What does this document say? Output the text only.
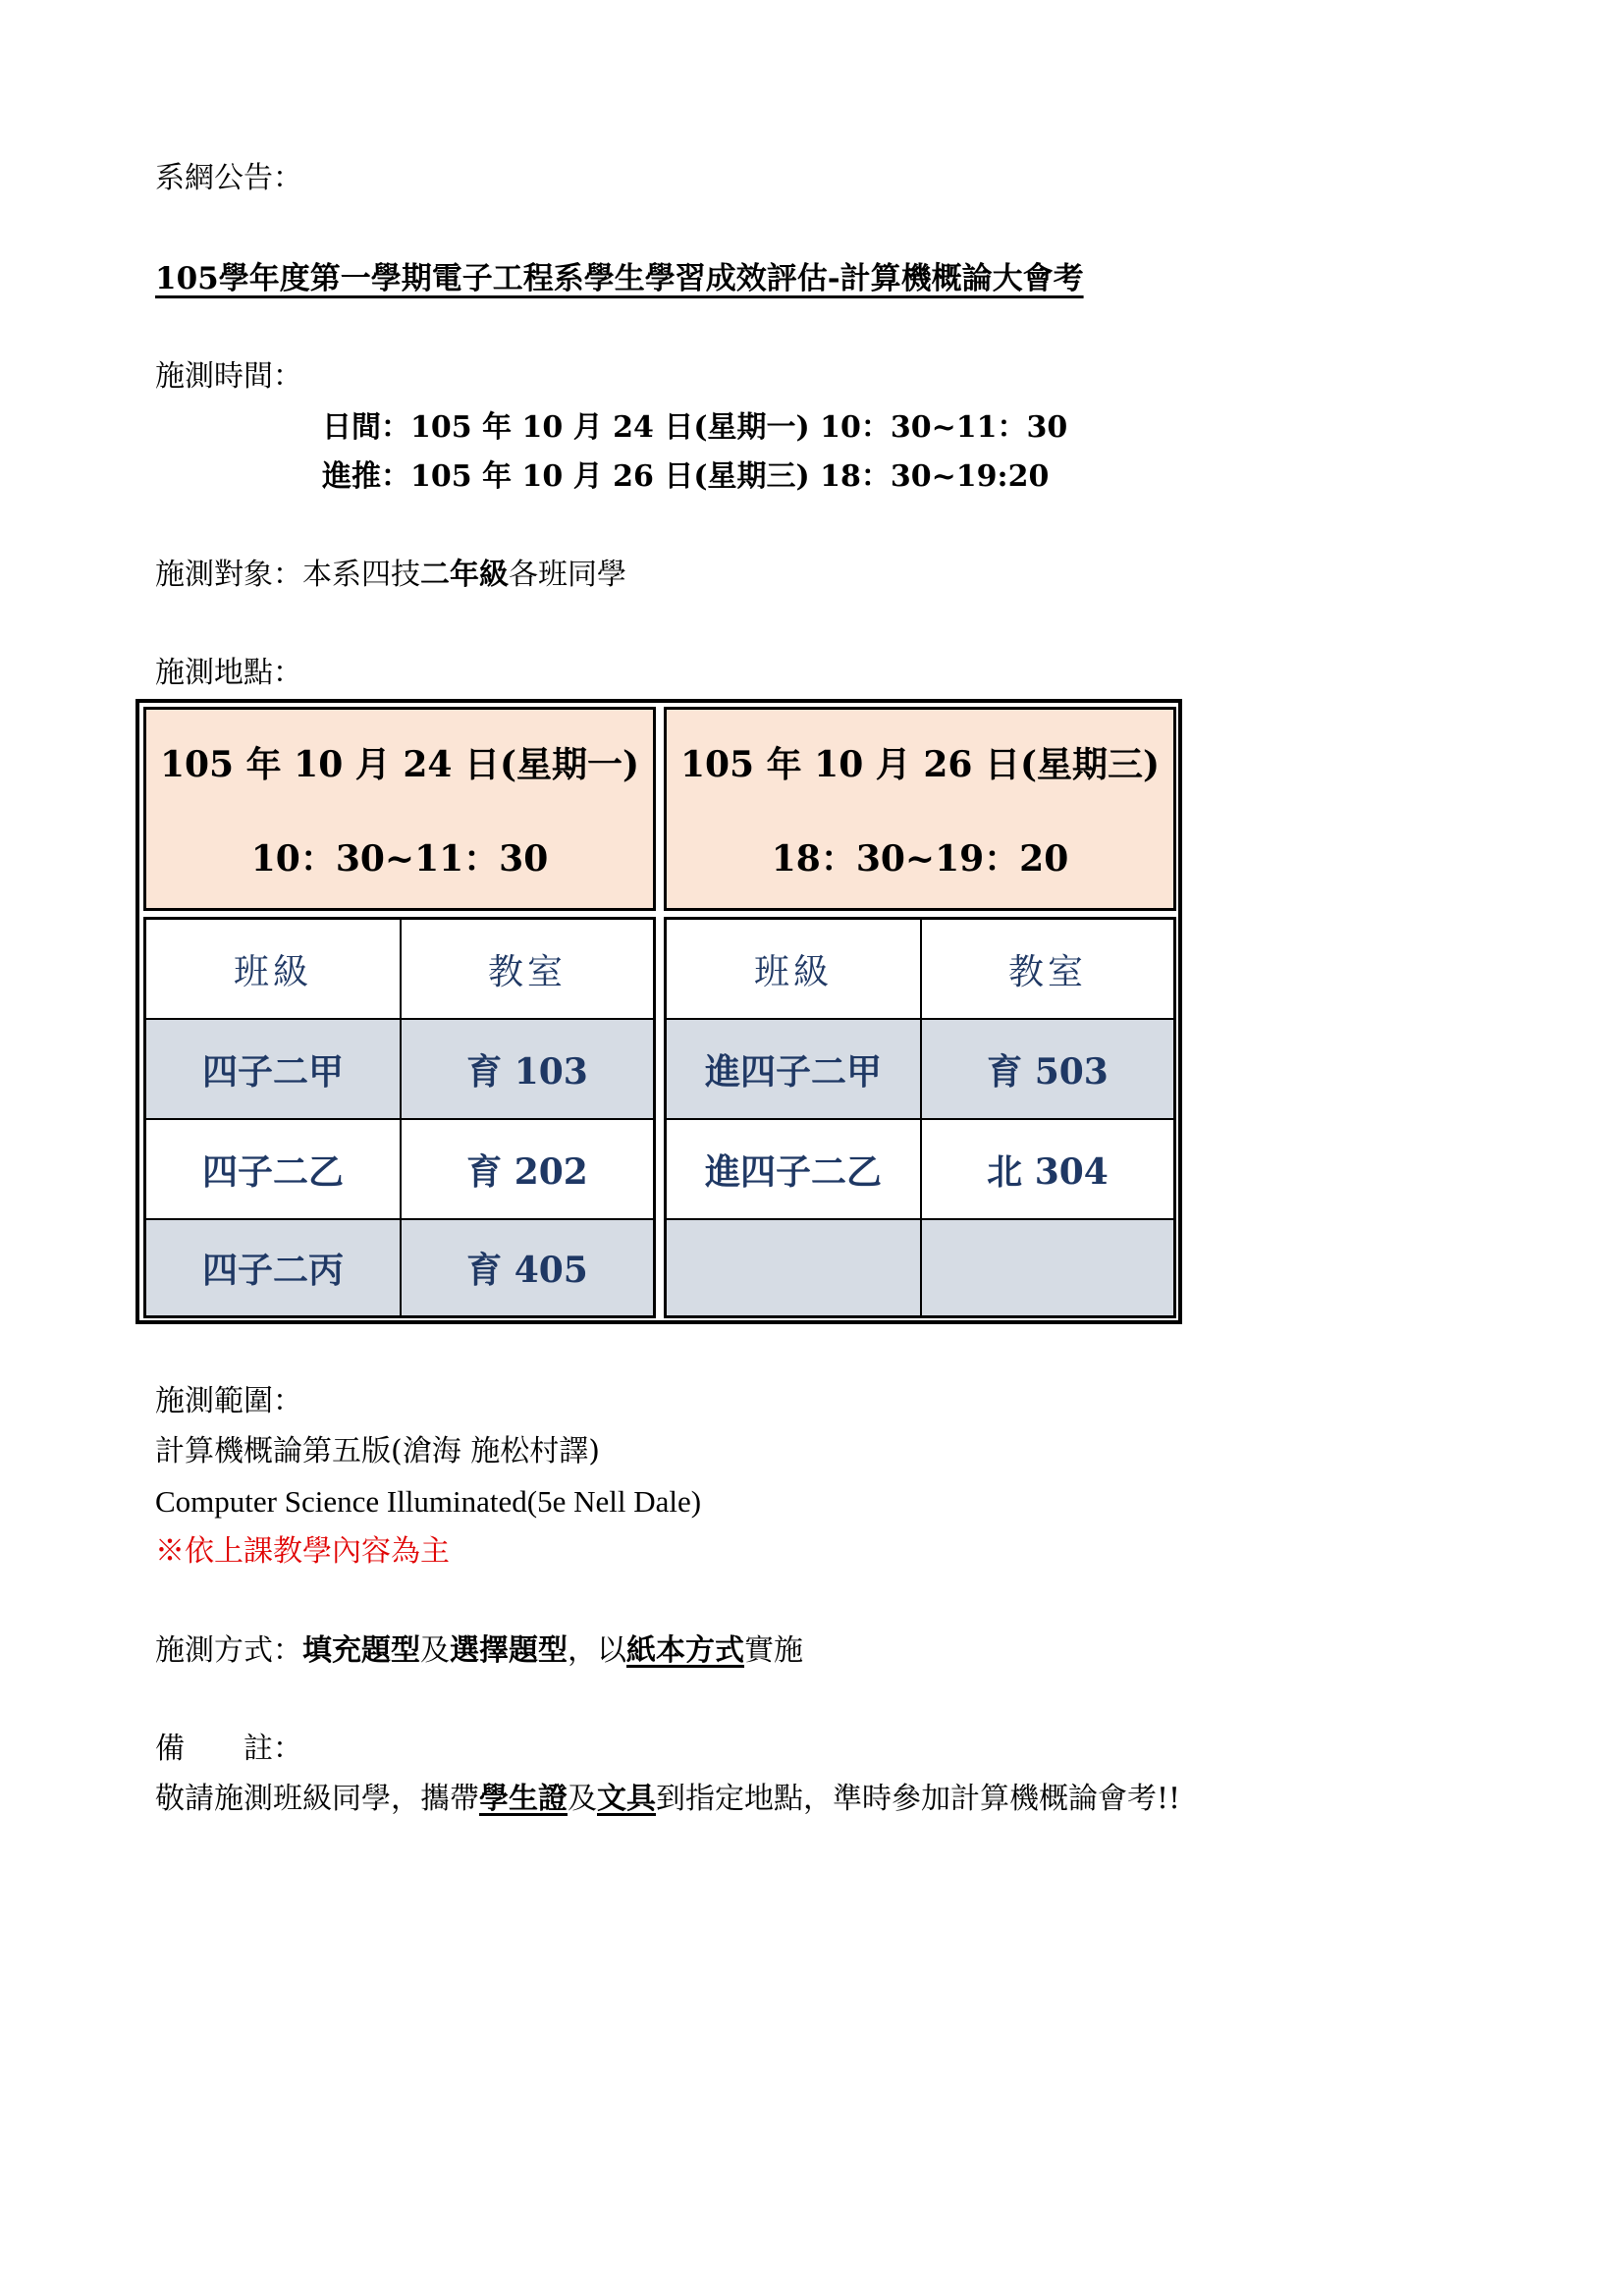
系網公告：
105學年度第一學期電子工程系學生學習成效評估-計算機概論大會考
施測時間：
日間：105 年 10 月 24 日(星期一) 10：30~11：30
進推：105 年 10 月 26 日(星期三) 18：30~19:20
施測對象：本系四技二年級各班同學
施測地點：
105 年 10 月 24 日(星期一)
10：30~11：30
105 年 10 月 26 日(星期三)
18：30~19：20
班級	教室
四子二甲	育 103
四子二乙	育 202
四子二丙	育 405
班級	教室
進四子二甲	育 503
進四子二乙	北 304
施測範圍：
計算機概論第五版(滄海 施松村譯)
Computer Science Illuminated(5e Nell Dale)
※依上課教學內容為主
施測方式：填充題型及選擇題型，以紙本方式實施
備　　註：
敬請施測班級同學，攜帶學生證及文具到指定地點，準時參加計算機概論會考!!
